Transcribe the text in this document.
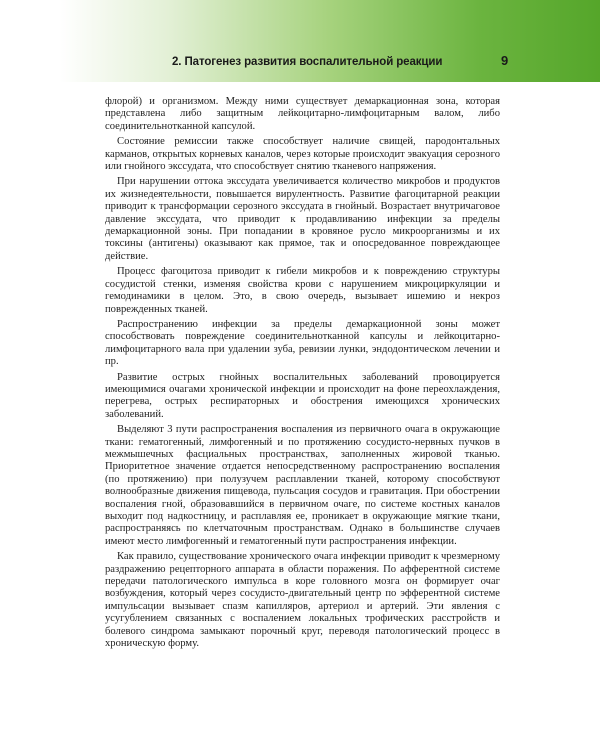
2. Патогенез развития воспалительной реакции	9

флорой) и организмом. Между ними существует демаркационная зона, которая представлена либо защитным лейкоцитарно-лимфоцитарным валом, либо соединительнотканной капсулой.

Состояние ремиссии также способствует наличие свищей, пародонтальных карманов, открытых корневых каналов, через которые происходит эвакуация серозного или гнойного экссудата, что способствует снятию тканевого напряжения.

При нарушении оттока экссудата увеличивается количество микробов и продуктов их жизнедеятельности, повышается вирулентность. Развитие фагоцитарной реакции приводит к трансформации серозного экссудата в гнойный. Возрастает внутричаговое давление экссудата, что приводит к продавливанию инфекции за пределы демаркационной зоны. При попадании в кровяное русло микроорганизмы и их токсины (антигены) оказывают как прямое, так и опосредованное повреждающее действие.

Процесс фагоцитоза приводит к гибели микробов и к повреждению структуры сосудистой стенки, изменяя свойства крови с нарушением микроциркуляции и гемодинамики в целом. Это, в свою очередь, вызывает ишемию и некроз поврежденных тканей.

Распространению инфекции за пределы демаркационной зоны может способствовать повреждение соединительнотканной капсулы и лейкоцитарно-лимфоцитарного вала при удалении зуба, ревизии лунки, эндодонтическом лечении и пр.

Развитие острых гнойных воспалительных заболеваний провоцируется имеющимися очагами хронической инфекции и происходит на фоне переохлаждения, перегрева, острых респираторных и обострения имеющихся хронических заболеваний.

Выделяют 3 пути распространения воспаления из первичного очага в окружающие ткани: гематогенный, лимфогенный и по протяжению сосудисто-нервных пучков в межмышечных фасциальных пространствах, заполненных жировой тканью. Приоритетное значение отдается непосредственному распространению воспаления (по протяжению) при полузучем расплавлении тканей, которому способствуют волнообразные движения пищевода, пульсация сосудов и гравитация. При обострении воспаления гной, образовавшийся в первичном очаге, по системе костных каналов выходит под надкостницу, и расплавляя ее, проникает в окружающие мягкие ткани, распространяясь по клетчаточным пространствам. Однако в большинстве случаев имеют место лимфогенный и гематогенный пути распространения инфекции.

Как правило, существование хронического очага инфекции приводит к чрезмерному раздражению рецепторного аппарата в области поражения. По афферентной системе передачи патологического импульса в коре головного мозга он формирует очаг возбуждения, который через сосудисто-двигательный центр по эфферентной системе импульсации вызывает спазм капилляров, артериол и артерий. Эти явления с усугублением связанных с воспалением локальных трофических расстройств и болевого синдрома замыкают порочный круг, переводя патологический процесс в хроническую форму.
